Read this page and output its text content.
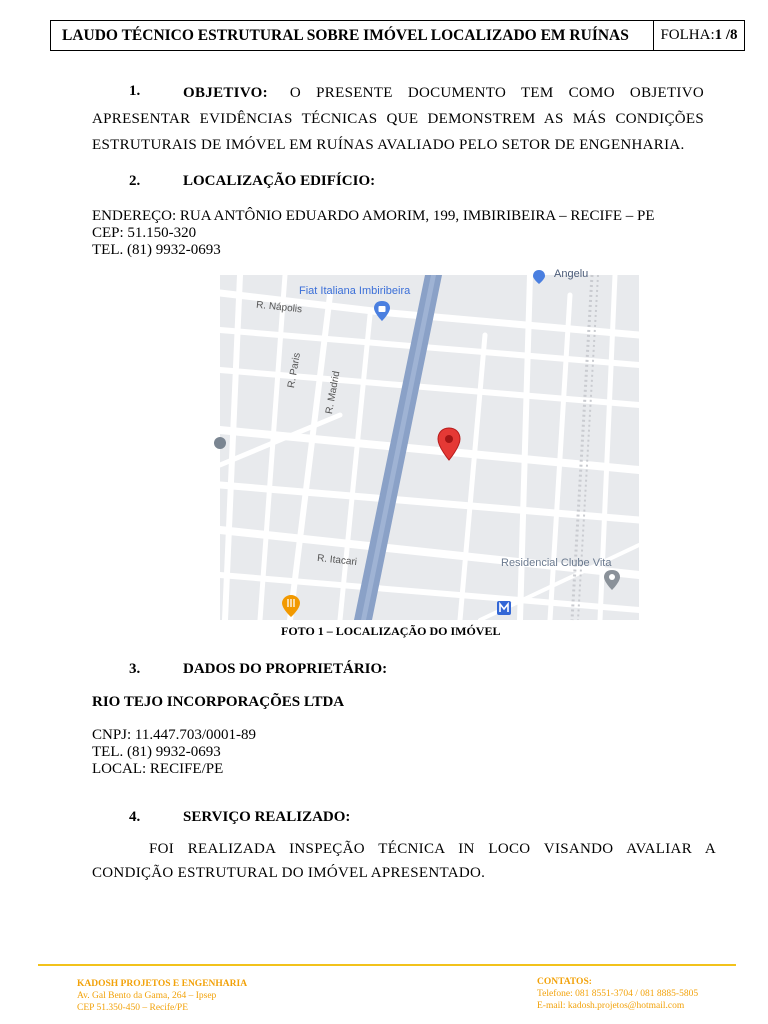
LAUDO TÉCNICO ESTRUTURAL SOBRE IMÓVEL LOCALIZADO EM RUÍNAS	FOLHA:1 /8
1.	OBJETIVO: O PRESENTE DOCUMENTO TEM COMO OBJETIVO
APRESENTAR EVIDÊNCIAS TÉCNICAS QUE DEMONSTREM AS MÁS CONDIÇÕES
ESTRUTURAIS DE IMÓVEL EM RUÍNAS AVALIADO PELO SETOR DE ENGENHARIA.
2.	LOCALIZAÇÃO EDIFÍCIO:
ENDEREÇO: RUA ANTÔNIO EDUARDO AMORIM, 199, IMBIRIBEIRA – RECIFE – PE
CEP: 51.150-320
TEL. (81) 9932-0693
Angelu
Fiat Italiana Imbiribeira
R. Nápolis
R. Paris R. Madrid
R. Itacari	Residencial Clube Vita
FOTO 1 – LOCALIZAÇÃO DO IMÓVEL
3.	DADOS DO PROPRIETÁRIO:
RIO TEJO INCORPORAÇÕES LTDA
CNPJ: 11.447.703/0001-89
TEL. (81) 9932-0693
LOCAL: RECIFE/PE
4.	SERVIÇO REALIZADO:
FOI REALIZADA INSPEÇÃO TÉCNICA IN LOCO VISANDO AVALIAR A
CONDIÇÃO ESTRUTURAL DO IMÓVEL APRESENTADO.
KADOSH PROJETOS E ENGENHARIA
Av. Gal Bento da Gama, 264 – Ipsep
CEP 51.350-450 – Recife/PE
CONTATOS:
Telefone: 081 8551-3704 / 081 8885-5805
E-mail: kadosh.projetos@hotmail.com
